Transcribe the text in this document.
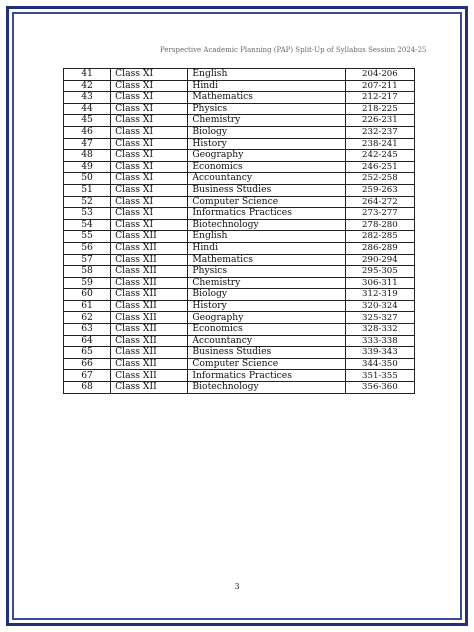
Perspective Academic Planning (PAP) Split-Up of Syllabus Session 2024-25
41	Class XI	English	204-206
42	Class XI	Hindi	207-211
43	Class XI	Mathematics	212-217
44	Class XI	Physics	218-225
45	Class XI	Chemistry	226-231
46	Class XI	Biology	232-237
47	Class XI	History	238-241
48	Class XI	Geography	242-245
49	Class XI	Economics	246-251
50	Class XI	Accountancy	252-258
51	Class XI	Business Studies	259-263
52	Class XI	Computer Science	264-272
53	Class XI	Informatics Practices	273-277
54	Class XI	Biotechnology	278-280
55	Class XII	English	282-285
56	Class XII	Hindi	286-289
57	Class XII	Mathematics	290-294
58	Class XII	Physics	295-305
59	Class XII	Chemistry	306-311
60	Class XII	Biology	312-319
61	Class XII	History	320-324
62	Class XII	Geography	325-327
63	Class XII	Economics	328-332
64	Class XII	Accountancy	333-338
65	Class XII	Business Studies	339-343
66	Class XII	Computer Science	344-350
67	Class XII	Informatics Practices	351-355
68	Class XII	Biotechnology	356-360
3
